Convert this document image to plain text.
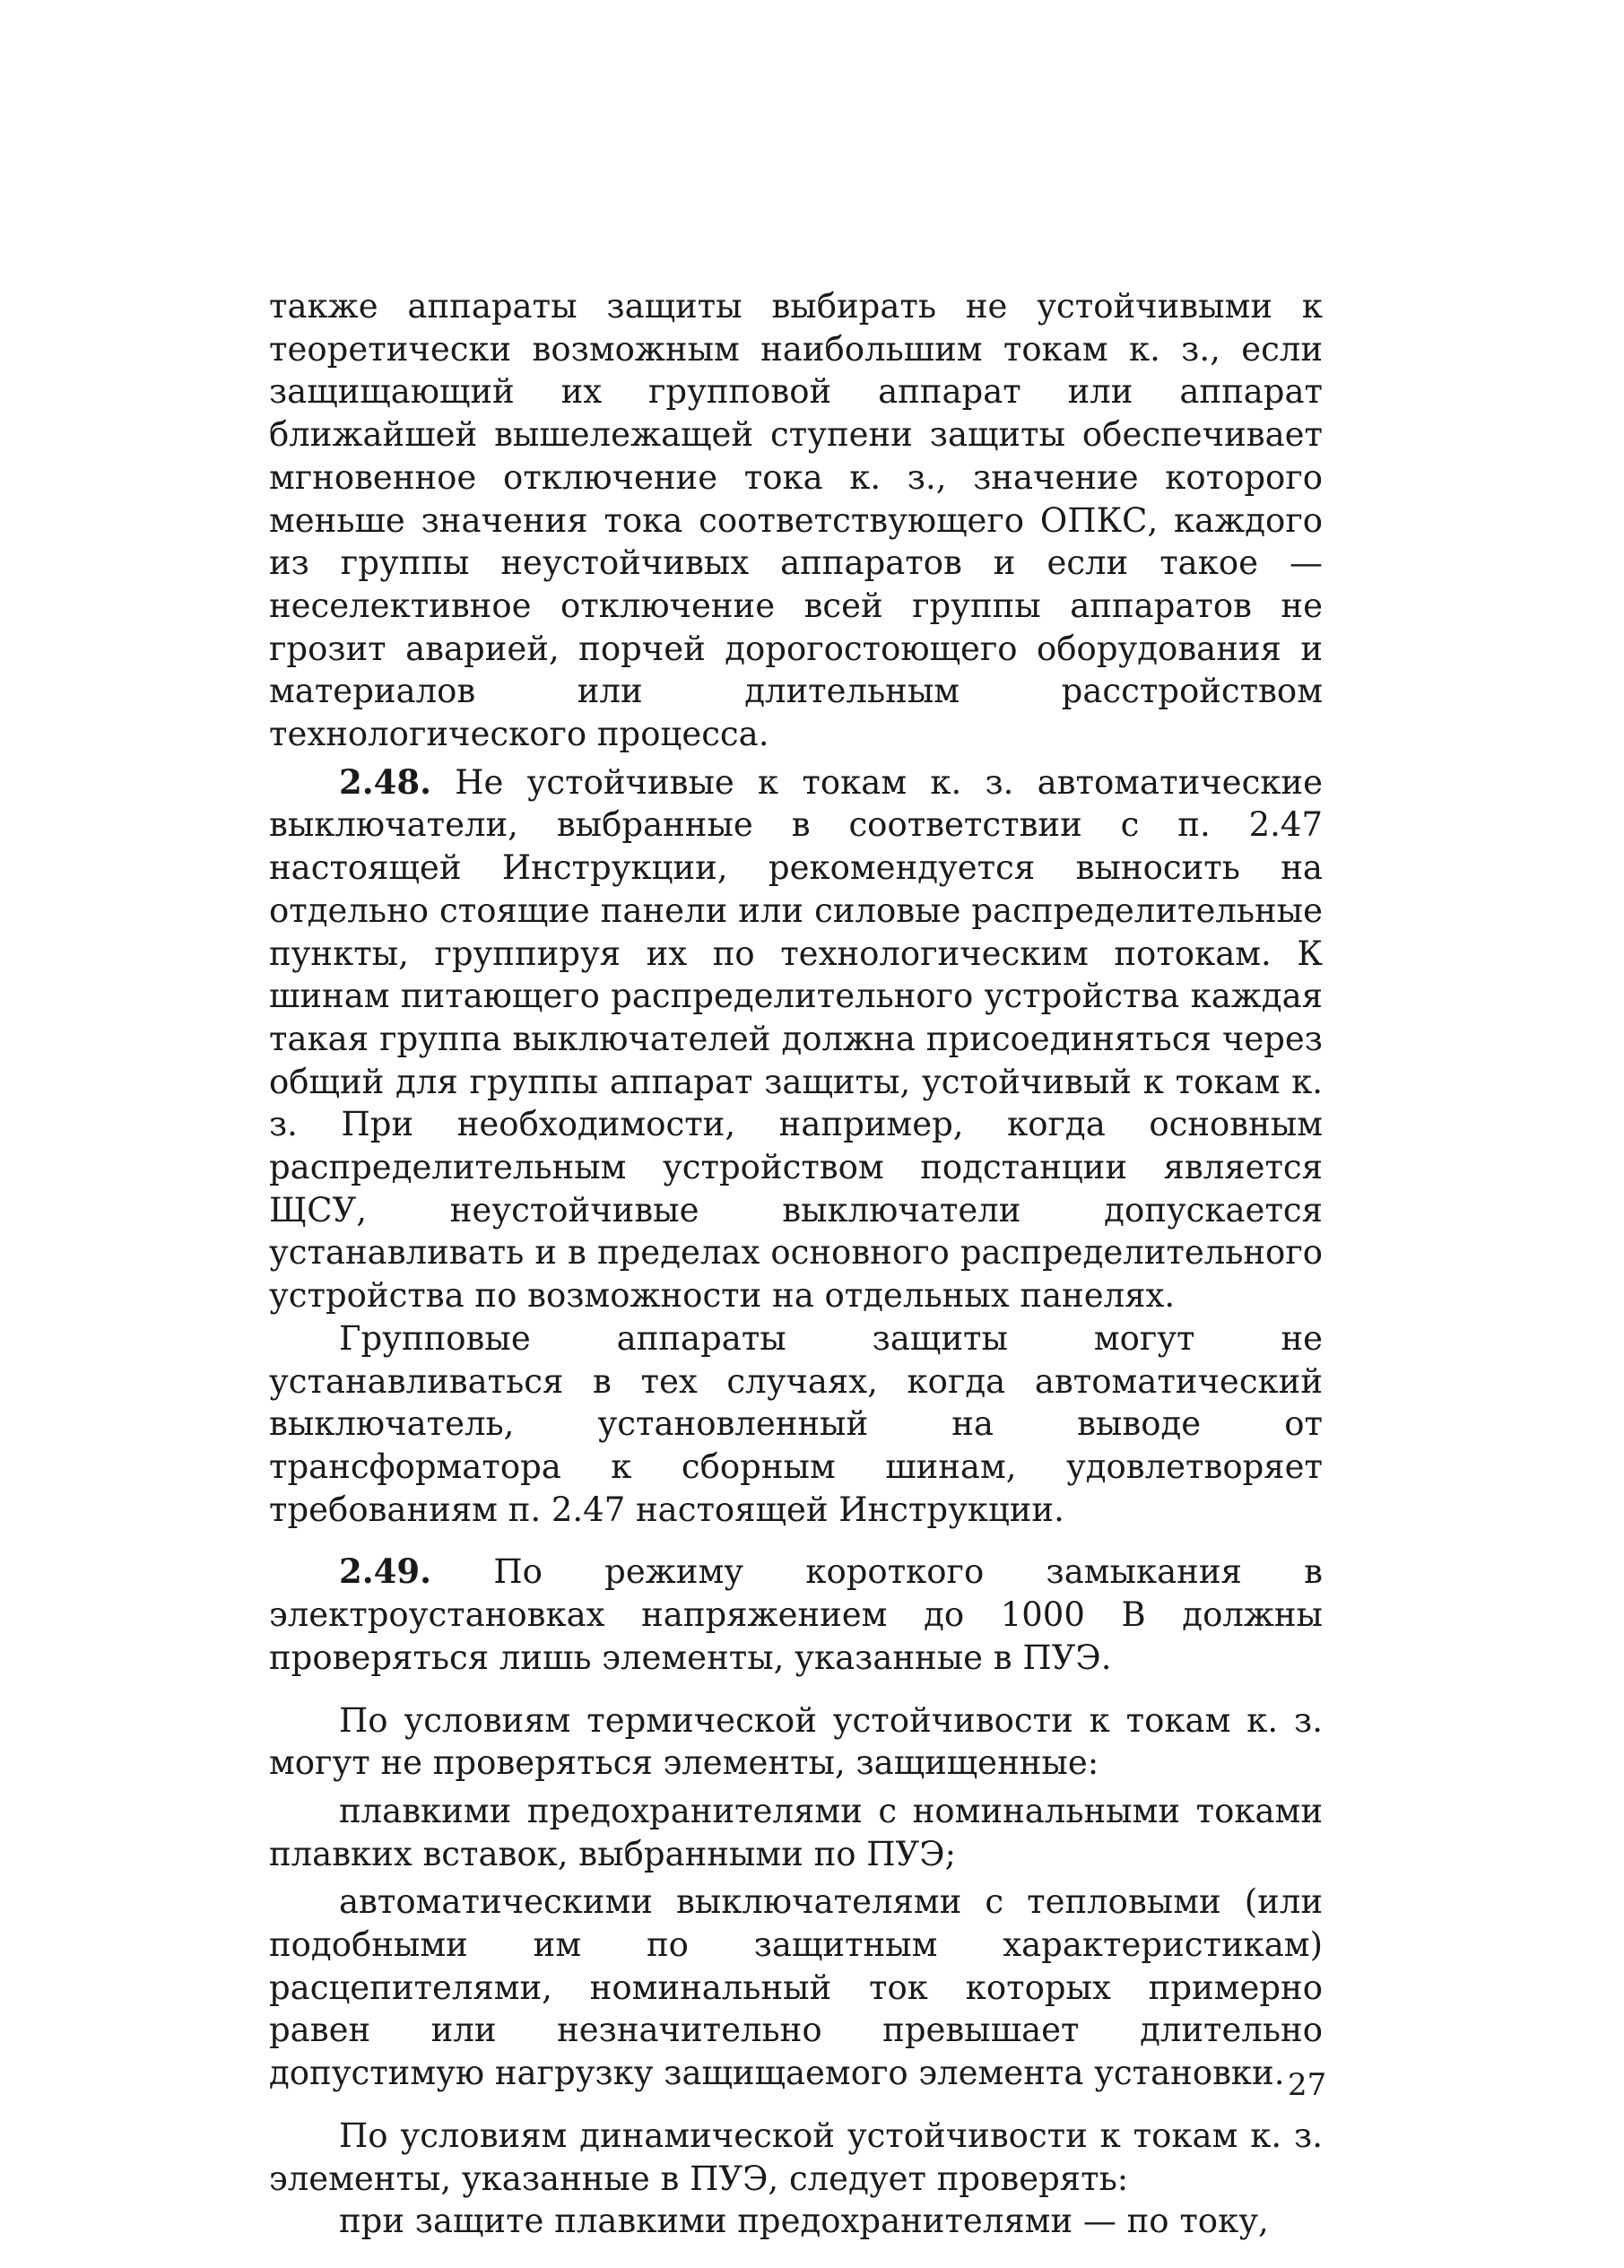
также аппараты защиты выбирать не устойчивыми к теоретически возможным наибольшим токам к. з., если защищающий их групповой аппарат или аппарат ближайшей вышележащей ступени защиты обеспечивает мгновенное отключение тока к. з., значение которого меньше значения тока соответствующего ОПКС, каждого из группы неустойчивых аппаратов и если такое — неселективное отключение всей группы аппаратов не грозит аварией, порчей дорогостоющего оборудования и материалов или длительным расстройством технологического процесса.

2.48. Не устойчивые к токам к. з. автоматические выключатели, выбранные в соответствии с п. 2.47 настоящей Инструкции, рекомендуется выносить на отдельно стоящие панели или силовые распределительные пункты, группируя их по технологическим потокам. К шинам питающего распределительного устройства каждая такая группа выключателей должна присоединяться через общий для группы аппарат защиты, устойчивый к токам к. з. При необходимости, например, когда основным распределительным устройством подстанции является ЩСУ, неустойчивые выключатели допускается устанавливать и в пределах основного распределительного устройства по возможности на отдельных панелях.

Групповые аппараты защиты могут не устанавливаться в тех случаях, когда автоматический выключатель, установленный на выводе от трансформатора к сборным шинам, удовлетворяет требованиям п. 2.47 настоящей Инструкции.

2.49. По режиму короткого замыкания в электроустановках напряжением до 1000 В должны проверяться лишь элементы, указанные в ПУЭ.

По условиям термической устойчивости к токам к. з. могут не проверяться элементы, защищенные:

плавкими предохранителями с номинальными токами плавких вставок, выбранными по ПУЭ;

автоматическими выключателями с тепловыми (или подобными им по защитным характеристикам) расцепителями, номинальный ток которых примерно равен или незначительно превышает длительно допустимую нагрузку защищаемого элемента установки.

По условиям динамической устойчивости к токам к. з. элементы, указанные в ПУЭ, следует проверять:

при защите плавкими предохранителями — по току,

27
